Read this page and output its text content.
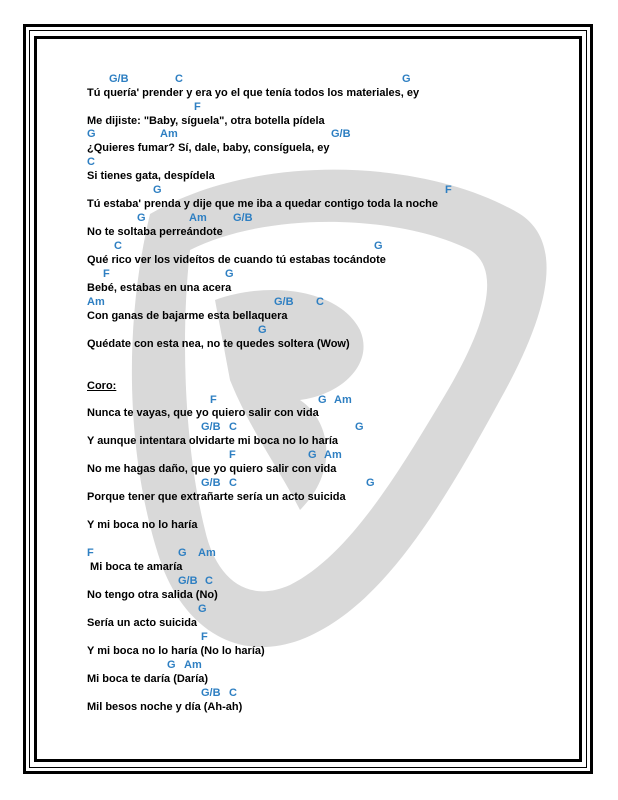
G/B	C	G
Tú quería' prender y era yo el que tenía todos los materiales, ey
F
Me dijiste: "Baby, síguela", otra botella pídela
G	Am	G/B
¿Quieres fumar? Sí, dale, baby, consíguela, ey
C
Si tienes gata, despídela
G	F
Tú estaba' prenda y dije que me iba a quedar contigo toda la noche
G	Am G/B
No te soltaba perreándote
C	G
Qué rico ver los videítos de cuando tú estabas tocándote
F	G
Bebé, estabas en una acera
Am	G/B C
Con ganas de bajarme esta bellaquera
G
Quédate con esta nea, no te quedes soltera (Wow)
Coro:
F	G Am
Nunca te vayas, que yo quiero salir con vida
G/B C	G
Y aunque intentara olvidarte mi boca no lo haría
F	G Am
No me hagas daño, que yo quiero salir con vida
G/B C	G
Porque tener que extrañarte sería un acto suicida
Y mi boca no lo haría
F	G Am
Mi boca te amaría
G/B C
No tengo otra salida (No)
G
Sería un acto suicida
F
Y mi boca no lo haría (No lo haría)
G Am
Mi boca te daría (Daría)
G/B C
Mil besos noche y día (Ah-ah)
